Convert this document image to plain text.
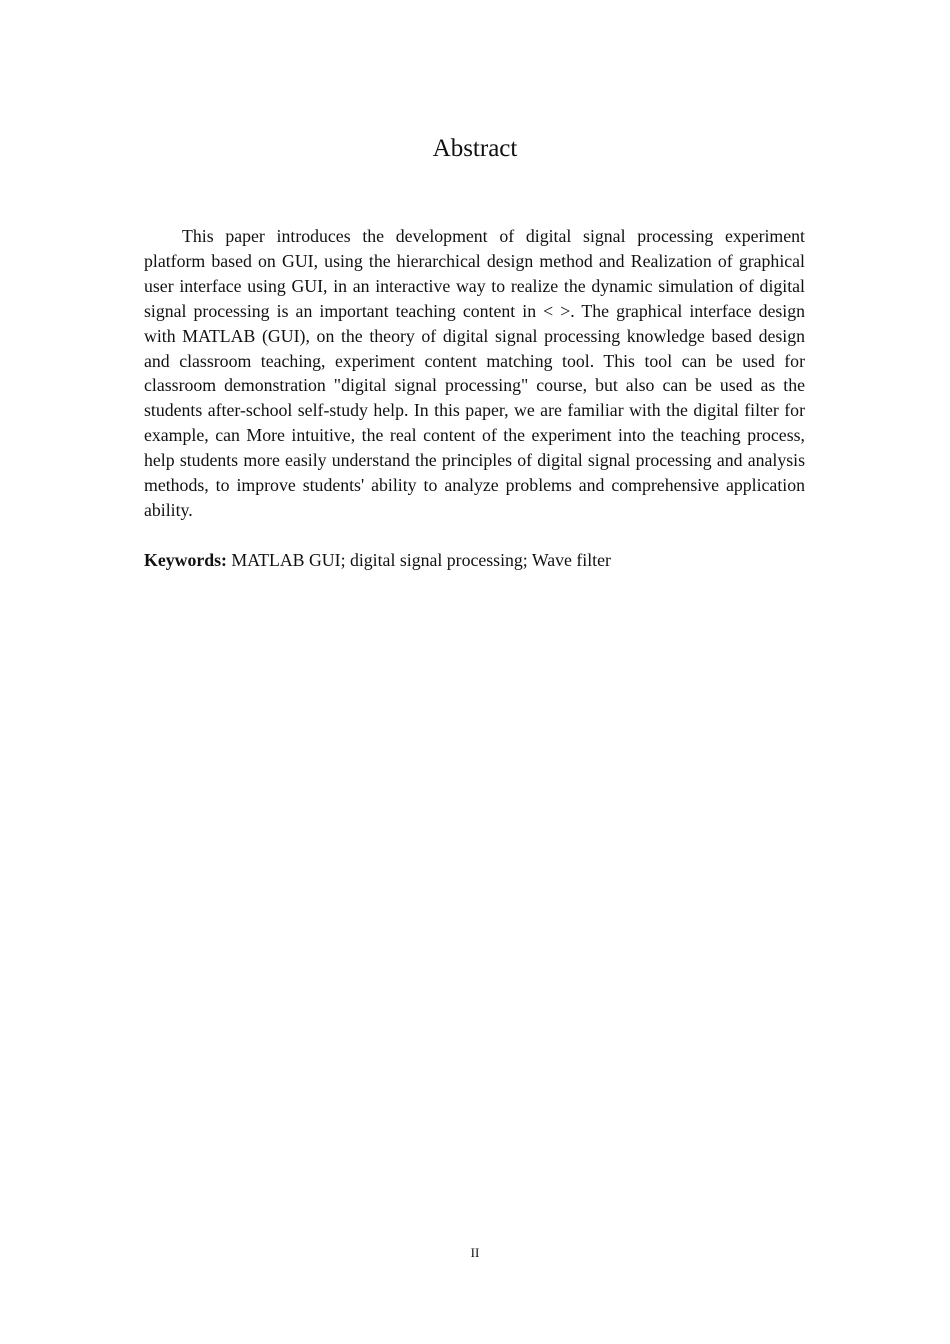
Abstract

This paper introduces the development of digital signal processing experiment platform based on GUI, using the hierarchical design method and Realization of graphical user interface using GUI, in an interactive way to realize the dynamic simulation of digital signal processing is an important teaching content in < >. The graphical interface design with MATLAB (GUI), on the theory of digital signal processing knowledge based design and classroom teaching, experiment content matching tool. This tool can be used for classroom demonstration "digital signal processing" course, but also can be used as the students after-school self-study help. In this paper, we are familiar with the digital filter for example, can More intuitive, the real content of the experiment into the teaching process, help students more easily understand the principles of digital signal processing and analysis methods, to improve students' ability to analyze problems and comprehensive application ability.

Keywords: MATLAB GUI; digital signal processing; Wave filter

II
